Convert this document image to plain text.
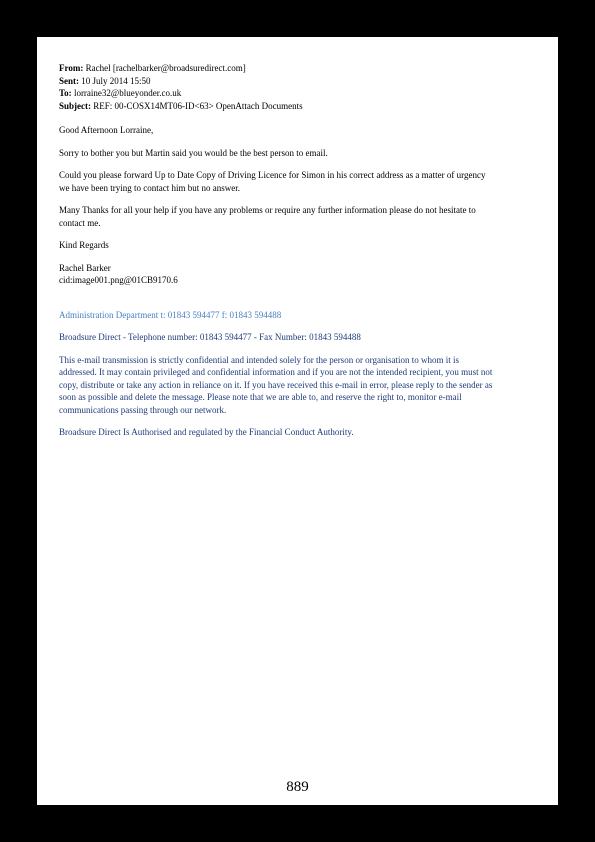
From: Rachel [rachelbarker@broadsuredirect.com]

Sent: 10 July 2014 15:50

To: lorraine32@blueyonder.co.uk

Subject: REF: 00-COSX14MT06-ID<63> OpenAttach Documents

Good Afternoon Lorraine,

Sorry to bother you but Martin said you would be the best person to email.

Could you please forward Up to Date Copy of Driving Licence for Simon in his correct address as a matter of urgency

we have been trying to contact him but no answer.

Many Thanks for all your help if you have any problems or require any further information please do not hesitate to

contact me.

Kind Regards

Rachel Barker

cid:image001.png@01CB9170.6

Administration Department t: 01843 594477 f: 01843 594488

Broadsure Direct - Telephone number: 01843 594477 - Fax Number: 01843 594488

This e-mail transmission is strictly confidential and intended solely for the person or organisation to whom it is

addressed. It may contain privileged and confidential information and if you are not the intended recipient, you must not

copy, distribute or take any action in reliance on it. If you have received this e-mail in error, please reply to the sender as

soon as possible and delete the message. Please note that we are able to, and reserve the right to, monitor e-mail

communications passing through our network.

Broadsure Direct Is Authorised and regulated by the Financial Conduct Authority.

889
